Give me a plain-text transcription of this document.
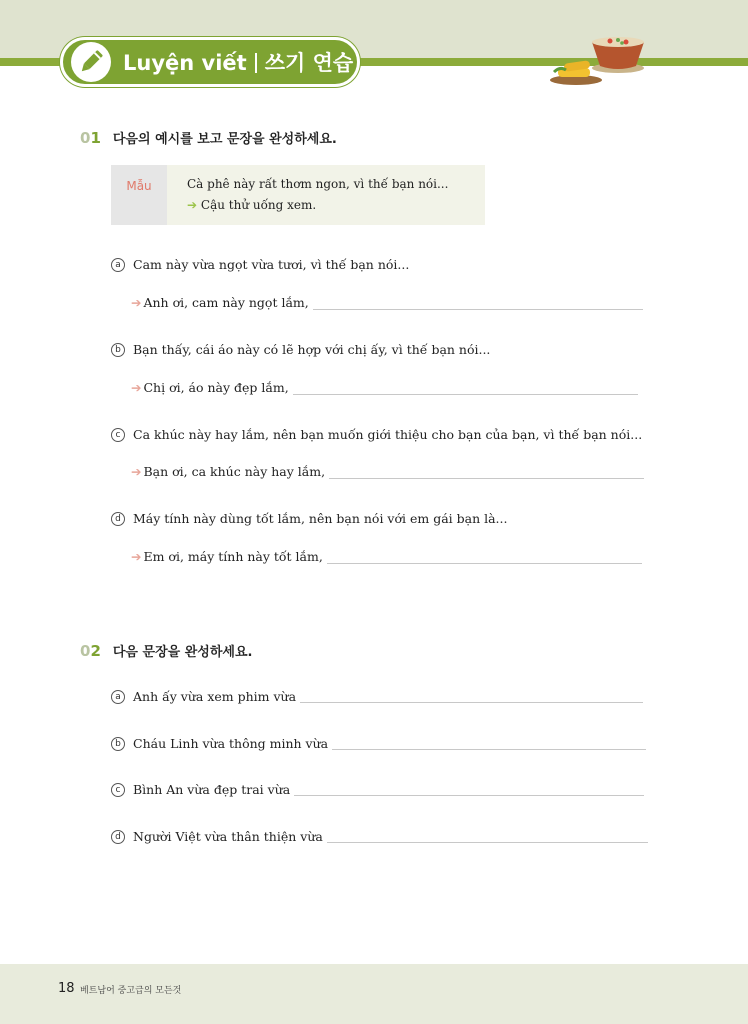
Luyện viết 쓰기 연습
01 다음의 예시를 보고 문장을 완성하세요.
Mẫu	Cà phê này rất thơm ngon, vì thế bạn nói...
➔ Cậu thử uống xem.
a Cam này vừa ngọt vừa tươi, vì thế bạn nói...
➔ Anh ơi, cam này ngọt lắm,
b Bạn thấy, cái áo này có lẽ hợp với chị ấy, vì thế bạn nói...
➔ Chị ơi, áo này đẹp lắm,
c	Ca khúc này hay lắm, nên bạn muốn giới thiệu cho bạn của bạn, vì thế bạn nói...
➔ Bạn ơi, ca khúc này hay lắm,
d Máy tính này dùng tốt lắm, nên bạn nói với em gái bạn là...
➔ Em ơi, máy tính này tốt lắm,
02 다음 문장을 완성하세요.
a Anh ấy vừa xem phim vừa
b Cháu Linh vừa thông minh vừa
c	Bình An vừa đẹp trai vừa
d Người Việt vừa thân thiện vừa
18 베트남어 중고급의 모든것
